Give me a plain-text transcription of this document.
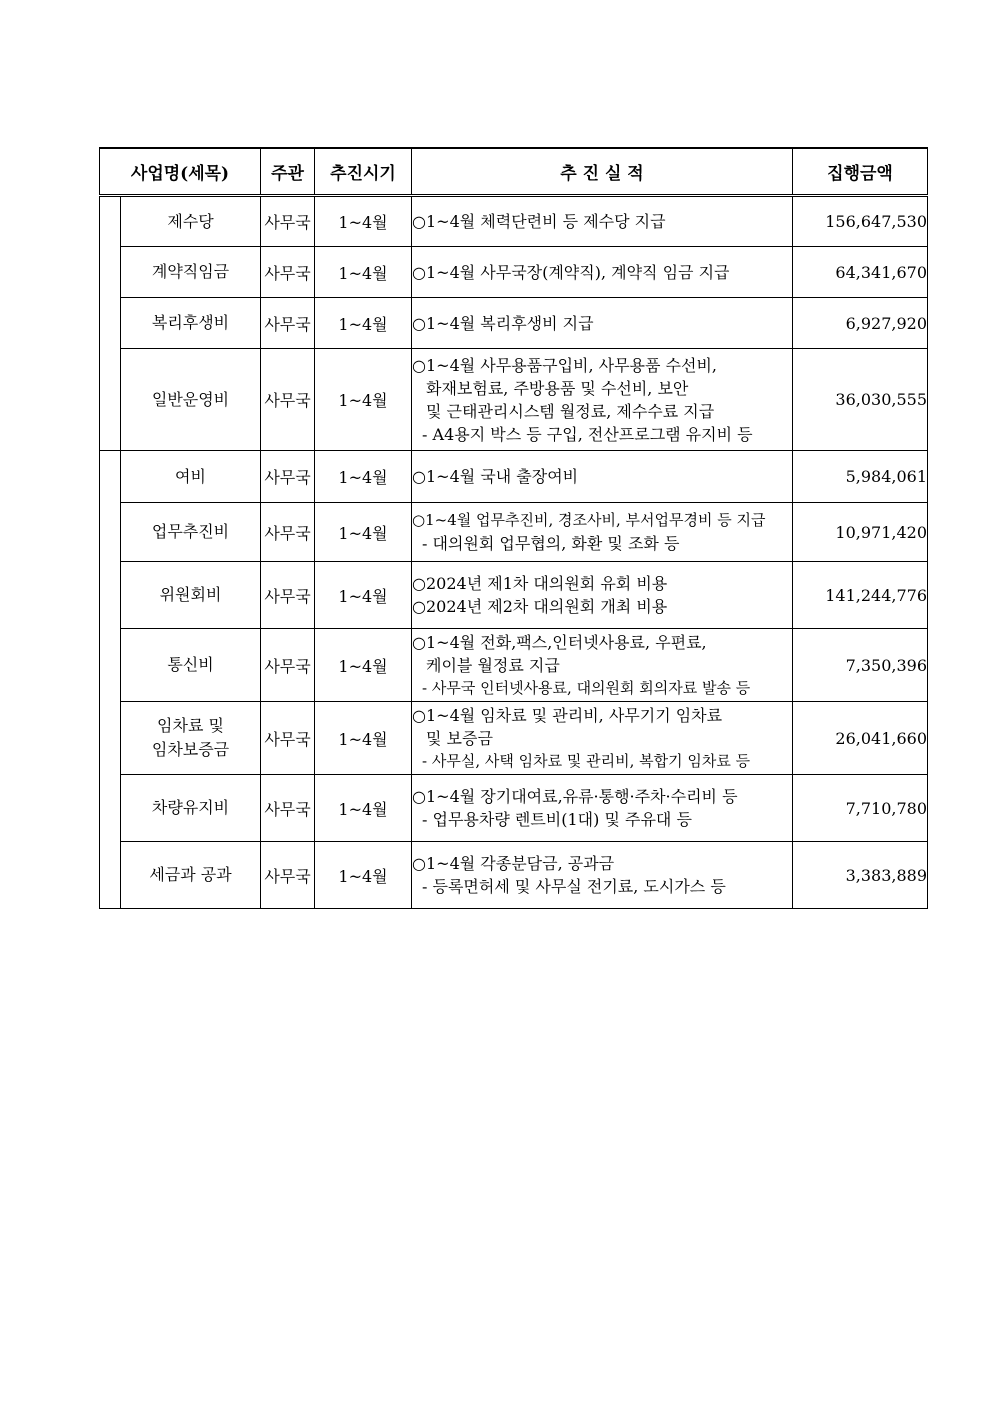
사업명(세목)		주관	추진시기	추 진 실 적	집행금액
	제수당	사무국	1~4월	○1~4월 체력단련비 등 제수당 지급	156,647,530
	계약직임금	사무국	1~4월	○1~4월 사무국장(계약직), 계약직 임금 지급	64,341,670
	복리후생비	사무국	1~4월	○1~4월 복리후생비 지급	6,927,920
	일반운영비	사무국	1~4월	○1~4월 사무용품구입비, 사무용품 수선비,
화재보험료, 주방용품 및 수선비, 보안
및 근태관리시스템 월정료, 제수수료 지급
- A4용지 박스 등 구입, 전산프로그램 유지비 등	36,030,555
	여비	사무국	1~4월	○1~4월 국내 출장여비	5,984,061
	업무추진비	사무국	1~4월	○1~4월 업무추진비, 경조사비, 부서업무경비 등 지급
- 대의원회 업무협의, 화환 및 조화 등	10,971,420
	위원회비	사무국	1~4월	○2024년 제1차 대의원회 유회 비용
○2024년 제2차 대의원회 개최 비용	141,244,776
	통신비	사무국	1~4월	○1~4월 전화,팩스,인터넷사용료, 우편료,
케이블 월정료 지급
- 사무국 인터넷사용료, 대의원회 회의자료 발송 등	7,350,396

	임차료 및
임차보증금	사무국	1~4월	○1~4월 임차료 및 관리비, 사무기기 임차료
및 보증금
- 사무실, 사택 임차료 및 관리비, 복합기 임차료 등	26,041,660
	차량유지비	사무국	1~4월	○1~4월 장기대여료,유류·통행·주차·수리비 등
- 업무용차량 렌트비(1대) 및 주유대 등	7,710,780
	세금과 공과	사무국	1~4월	○1~4월 각종분담금, 공과금
- 등록면허세 및 사무실 전기료, 도시가스 등	3,383,889
